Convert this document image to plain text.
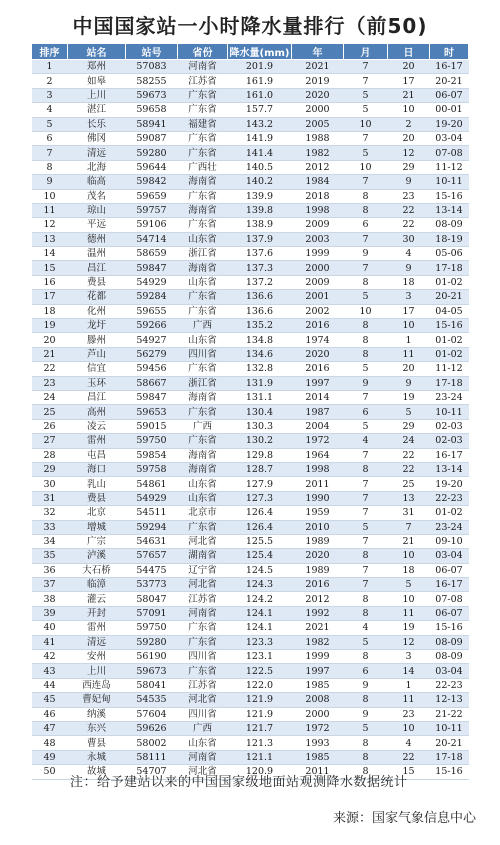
中国国家站一小时降水量排行（前50)
排序	站名	站号	省份	降水量(mm)	年	月	日	时
1	郑州	57083	河南省	201.9	2021	7	20	16-17
2	如皋	58255	江苏省	161.9	2019	7	17	20-21
3	上川	59673	广东省	161.0	2020	5	21	06-07
4	湛江	59658	广东省	157.7	2000	5	10	00-01
5	长乐	58941	福建省	143.2	2005	10	2	19-20
6	佛冈	59087	广东省	141.9	1988	7	20	03-04
7	清远	59280	广东省	141.4	1982	5	12	07-08
8	北海	59644	广西壮	140.5	2012	10	29	11-12
9	临高	59842	海南省	140.2	1984	7	9	10-11
10	茂名	59659	广东省	139.9	2018	8	23	15-16
11	琼山	59757	海南省	139.8	1998	8	22	13-14
12	平远	59106	广东省	138.9	2009	6	22	08-09
13	德州	54714	山东省	137.9	2003	7	30	18-19
14	温州	58659	浙江省	137.6	1999	9	4	05-06
15	昌江	59847	海南省	137.3	2000	7	9	17-18
16	费县	54929	山东省	137.2	2009	8	18	01-02
17	花都	59284	广东省	136.6	2001	5	3	20-21
18	化州	59655	广东省	136.6	2002	10	17	04-05
19	龙圩	59266	广西	135.2	2016	8	10	15-16
20	滕州	54927	山东省	134.8	1974	8	1	01-02
21	芦山	56279	四川省	134.6	2020	8	11	01-02
22	信宜	59456	广东省	132.8	2016	5	20	11-12
23	玉环	58667	浙江省	131.9	1997	9	9	17-18
24	昌江	59847	海南省	131.1	2014	7	19	23-24
25	高州	59653	广东省	130.4	1987	6	5	10-11
26	凌云	59015	广西	130.3	2004	5	29	02-03
27	雷州	59750	广东省	130.2	1972	4	24	02-03
28	屯昌	59854	海南省	129.8	1964	7	22	16-17
29	海口	59758	海南省	128.7	1998	8	22	13-14
30	乳山	54861	山东省	127.9	2011	7	25	19-20
31	费县	54929	山东省	127.3	1990	7	13	22-23
32	北京	54511	北京市	126.4	1959	7	31	01-02
33	增城	59294	广东省	126.4	2010	5	7	23-24
34	广宗	54631	河北省	125.5	1989	7	21	09-10
35	泸溪	57657	湖南省	125.4	2020	8	10	03-04
36	大石桥	54475	辽宁省	124.5	1989	7	18	06-07
37	临漳	53773	河北省	124.3	2016	7	5	16-17
38	灌云	58047	江苏省	124.2	2012	8	10	07-08
39	开封	57091	河南省	124.1	1992	8	11	06-07
40	雷州	59750	广东省	124.1	2021	4	19	15-16
41	清远	59280	广东省	123.3	1982	5	12	08-09
42	安州	56190	四川省	123.1	1999	8	3	08-09
43	上川	59673	广东省	122.5	1997	6	14	03-04
44	西连岛	58041	江苏省	122.0	1985	9	1	22-23
45	曹妃甸	54535	河北省	121.9	2008	8	11	12-13
46	纳溪	57604	四川省	121.9	2000	9	23	21-22
47	东兴	59626	广西	121.7	1972	5	10	10-11
48	曹县	58002	山东省	121.3	1993	8	4	20-21
49	永城	58111	河南省	121.1	1985	8	22	17-18
50	故城	54707	河北省	120.9	2011	8	15	15-16
注：给予建站以来的中国国家级地面站观测降水数据统计
来源：国家气象信息中心
